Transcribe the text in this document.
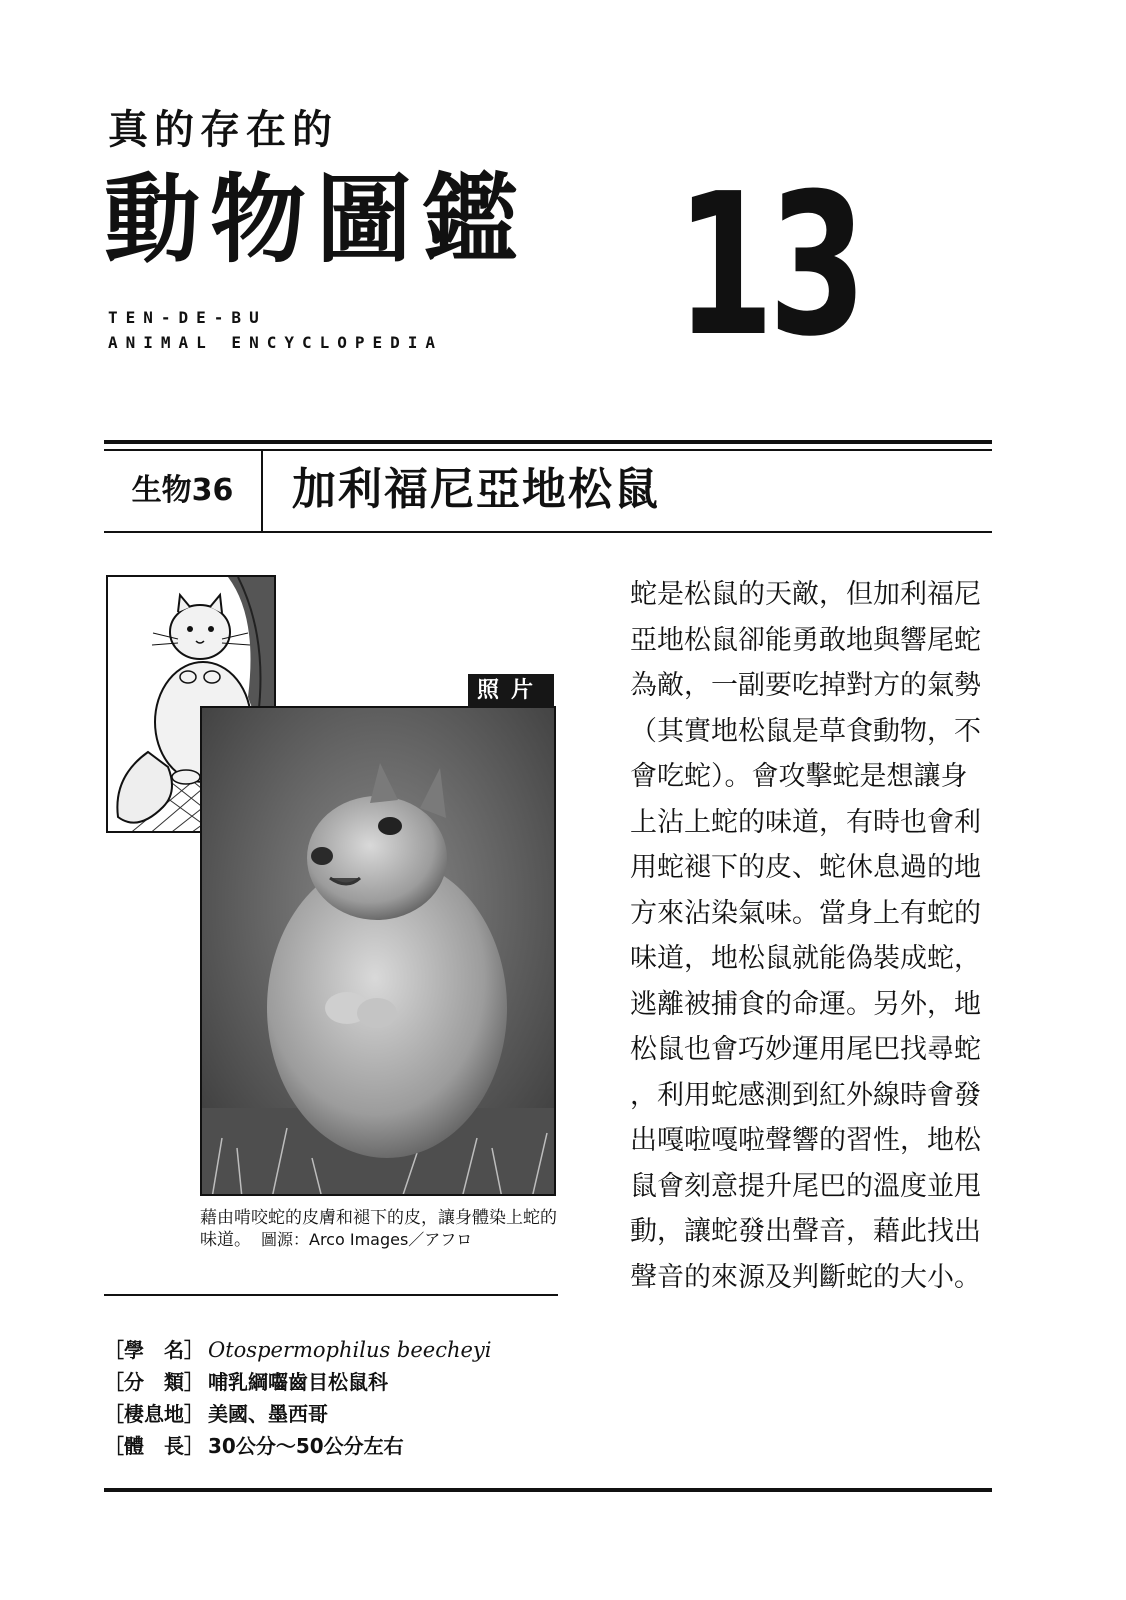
真的存在的
動物圖鑑 13
TEN-DE-BU
ANIMAL ENCYCLOPEDIA
生物36	加利福尼亞地松鼠
照片
藉由啃咬蛇的皮膚和褪下的皮，讓身體染上蛇的味道。 圖源：Arco Images／アフロ
蛇是松鼠的天敵，但加利福尼
亞地松鼠卻能勇敢地與響尾蛇
為敵，一副要吃掉對方的氣勢
（其實地松鼠是草食動物，不
會吃蛇）。會攻擊蛇是想讓身
上沾上蛇的味道，有時也會利
用蛇褪下的皮、蛇休息過的地
方來沾染氣味。當身上有蛇的
味道，地松鼠就能偽裝成蛇，
逃離被捕食的命運。另外，地
松鼠也會巧妙運用尾巴找尋蛇
，利用蛇感測到紅外線時會發
出嘎啦嘎啦聲響的習性，地松
鼠會刻意提升尾巴的溫度並甩
動，讓蛇發出聲音，藉此找出
聲音的來源及判斷蛇的大小。
［學　名］ Otospermophilus beecheyi
［分　類］ 哺乳綱囓齒目松鼠科
［棲息地］ 美國、墨西哥
［體　長］ 30公分～50公分左右
